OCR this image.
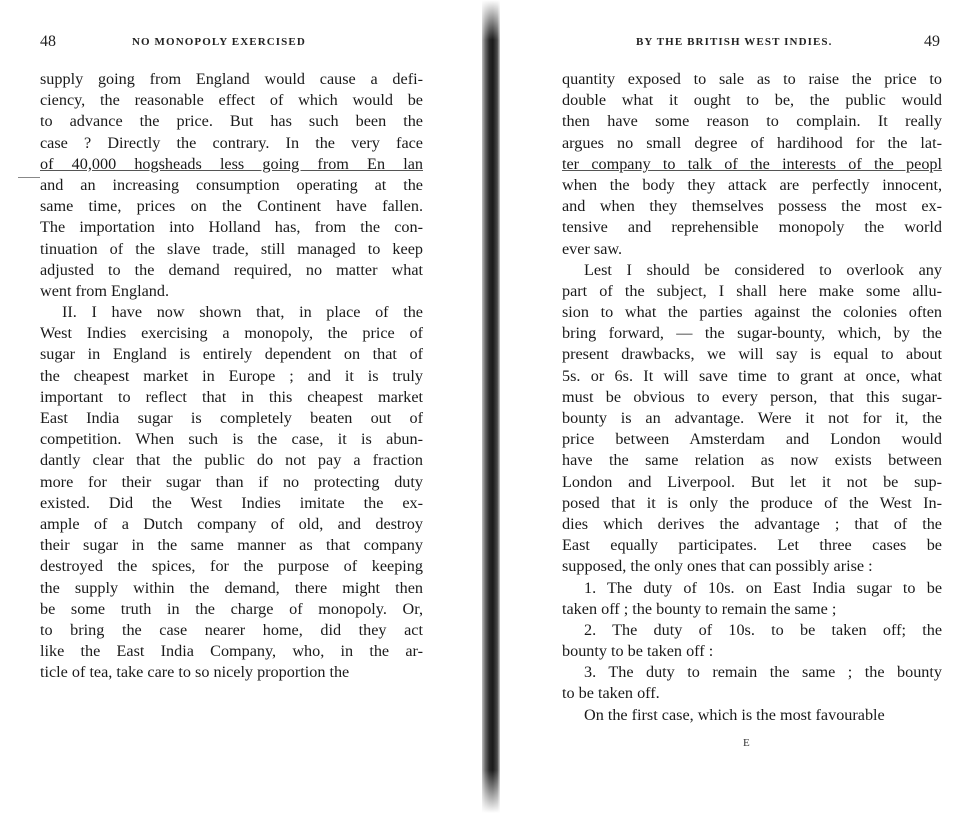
48	NO MONOPOLY EXERCISED
supply going from England would cause a defi-
ciency, the reasonable effect of which would be
to advance the price. But has such been the
case ? Directly the contrary. In the very face
of 40,000 hogsheads less going from En lan
and an increasing consumption operating at the
same time, prices on the Continent have fallen.
The importation into Holland has, from the con-
tinuation of the slave trade, still managed to keep
adjusted to the demand required, no matter what
went from England.
II. I have now shown that, in place of the
West Indies exercising a monopoly, the price of
sugar in England is entirely dependent on that of
the cheapest market in Europe ; and it is truly
important to reflect that in this cheapest market
East India sugar is completely beaten out of
competition. When such is the case, it is abun-
dantly clear that the public do not pay a fraction
more for their sugar than if no protecting duty
existed. Did the West Indies imitate the ex-
ample of a Dutch company of old, and destroy
their sugar in the same manner as that company
destroyed the spices, for the purpose of keeping
the supply within the demand, there might then
be some truth in the charge of monopoly. Or,
to bring the case nearer home, did they act
like the East India Company, who, in the ar-
ticle of tea, take care to so nicely proportion the
BY THE BRITISH WEST INDIES.	49
quantity exposed to sale as to raise the price to
double what it ought to be, the public would
then have some reason to complain. It really
argues no small degree of hardihood for the lat-
ter company to talk of the interests of the peopl
when the body they attack are perfectly innocent,
and when they themselves possess the most ex-
tensive and reprehensible monopoly the world
ever saw.
Lest I should be considered to overlook any
part of the subject, I shall here make some allu-
sion to what the parties against the colonies often
bring forward, — the sugar-bounty, which, by the
present drawbacks, we will say is equal to about
5s. or 6s. It will save time to grant at once, what
must be obvious to every person, that this sugar-
bounty is an advantage. Were it not for it, the
price between Amsterdam and London would
have the same relation as now exists between
London and Liverpool. But let it not be sup-
posed that it is only the produce of the West In-
dies which derives the advantage ; that of the
East equally participates. Let three cases be
supposed, the only ones that can possibly arise :
1. The duty of 10s. on East India sugar to be
taken off ; the bounty to remain the same ;
2. The duty of 10s. to be taken off; the
bounty to be taken off :
3. The duty to remain the same ; the bounty
to be taken off.
On the first case, which is the most favourable
E
